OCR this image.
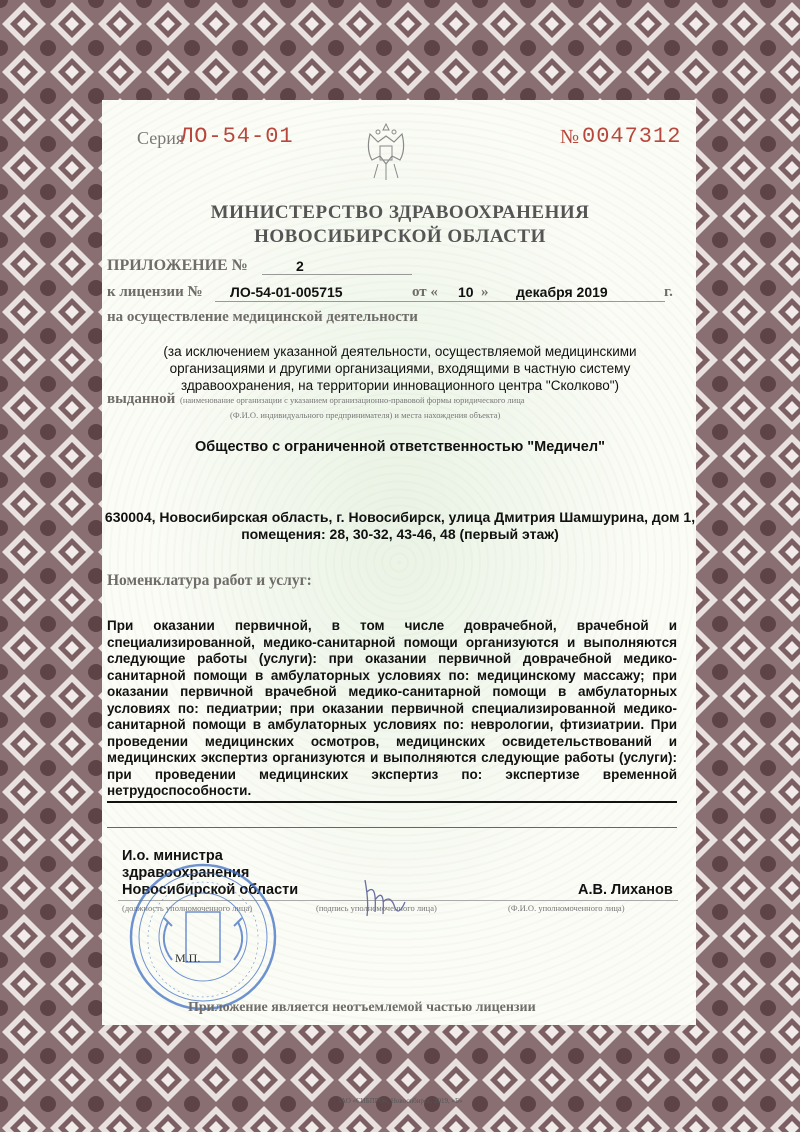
Серия
ЛО-54-01	№ 0047312
МИНИСТЕРСТВО ЗДРАВООХРАНЕНИЯ
НОВОСИБИРСКОЙ ОБЛАСТИ
ПРИЛОЖЕНИЕ №	2
к лицензии № ЛО-54-01-005715	от « 10 » декабря 2019	г.
на осуществление медицинской деятельности
(за исключением указанной деятельности, осуществляемой медицинскими
организациями и другими организациями, входящими в частную систему
здравоохранения, на территории инновационного центра "Сколково")
выданной (наименование организации с указанием организационно-правовой формы юридического лица
(Ф.И.О. индивидуального предпринимателя) и места нахождения объекта)
Общество с ограниченной ответственностью "Медичел"
630004, Новосибирская область, г. Новосибирск, улица Дмитрия Шамшурина, дом 1,
помещения: 28, 30-32, 43-46, 48 (первый этаж)
Номенклатура работ и услуг:
При оказании первичной, в том числе доврачебной, врачебной и специализированной, медико-санитарной помощи организуются и выполняются следующие работы (услуги): при оказании первичной доврачебной медико-санитарной помощи в амбулаторных условиях по: медицинскому массажу; при оказании первичной врачебной медико-санитарной помощи в амбулаторных условиях по: педиатрии; при оказании первичной специализированной медико-санитарной помощи в амбулаторных условиях по: неврологии, фтизиатрии. При проведении медицинских осмотров, медицинских освидетельствований и медицинских экспертиз организуются и выполняются следующие работы (услуги): при проведении медицинских экспертиз по: экспертизе временной нетрудоспособности.
И.о. министра
здравоохранения
Новосибирской области	А.В. Лиханов
(должность уполномоченного лица)	(подпись уполномоченного лица)	(Ф.И.О. уполномоченного лица)
М.П.
Приложение является неотъемлемой частью лицензии
ЗАО «СИБПРО», Новосибирск, 2019, «Б»
